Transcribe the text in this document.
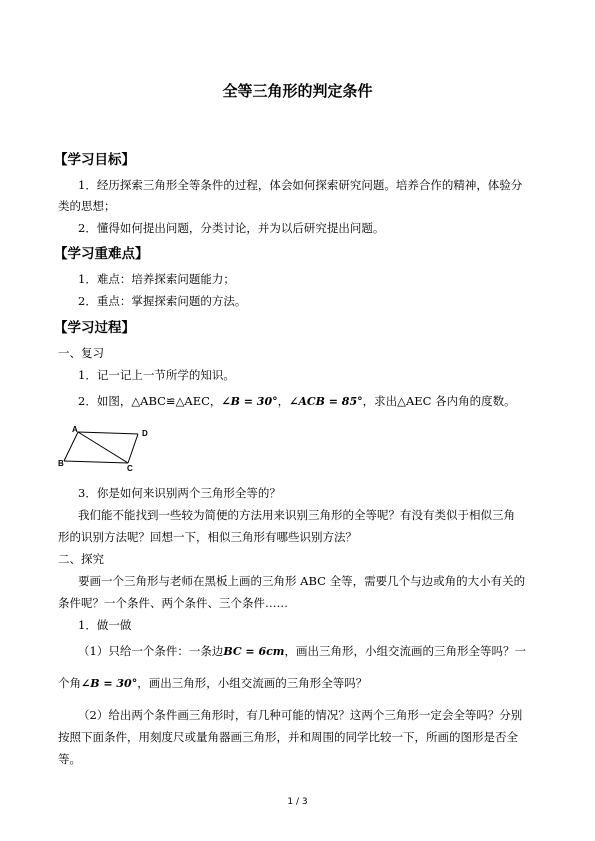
全等三角形的判定条件
【学习目标】
1．经历探索三角形全等条件的过程，体会如何探索研究问题。培养合作的精神，体验分
类的思想；
2．懂得如何提出问题，分类讨论，并为以后研究提出问题。
【学习重难点】
1．难点：培养探索问题能力；
2．重点：掌握探索问题的方法。
【学习过程】
一、复习
1．记一记上一节所学的知识。
2．如图，△ABC≌△AEC，∠B = 30°，∠ACB = 85°，求出△AEC 各内角的度数。
A	D
B
C
3．你是如何来识别两个三角形全等的？
我们能不能找到一些较为简便的方法用来识别三角形的全等呢？有没有类似于相似三角
形的识别方法呢？回想一下，相似三角形有哪些识别方法？
二、探究
要画一个三角形与老师在黑板上画的三角形 ABC 全等，需要几个与边或角的大小有关的
条件呢？一个条件、两个条件、三个条件……
1．做一做
（1）只给一个条件：一条边BC = 6cm，画出三角形，小组交流画的三角形全等吗？一
个角∠B = 30°，画出三角形，小组交流画的三角形全等吗？
（2）给出两个条件画三角形时，有几种可能的情况？这两个三角形一定会全等吗？分别
按照下面条件，用刻度尺或量角器画三角形，并和周围的同学比较一下，所画的图形是否全
等。
1 / 3
